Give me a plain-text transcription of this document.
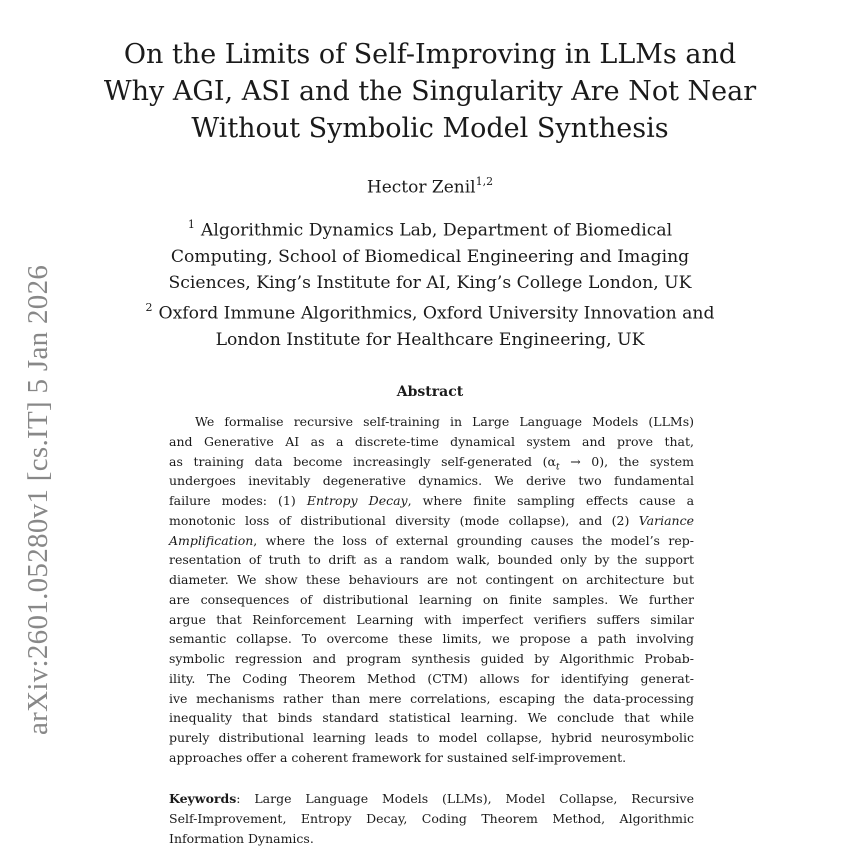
arXiv:2601.05280v1 [cs.IT] 5 Jan 2026
On the Limits of Self-Improving in LLMs and
Why AGI, ASI and the Singularity Are Not Near
Without Symbolic Model Synthesis
Hector Zenil$^{1,2}$
$^1$ Algorithmic Dynamics Lab, Department of Biomedical
Computing, School of Biomedical Engineering and Imaging
Sciences, King’s Institute for AI, King’s College London, UK
$^2$ Oxford Immune Algorithmics, Oxford University Innovation and
London Institute for Healthcare Engineering, UK
Abstract
We formalise recursive self-training in Large Language Models (LLMs)
and Generative AI as a discrete-time dynamical system and prove that,
as training data become increasingly self-generated $(\alpha_t \to 0)$, the system
undergoes inevitably degenerative dynamics. We derive two fundamental
failure modes: (1) Entropy Decay, where finite sampling effects cause a
monotonic loss of distributional diversity (mode collapse), and (2) Variance
Amplification, where the loss of external grounding causes the model’s rep-
resentation of truth to drift as a random walk, bounded only by the support
diameter. We show these behaviours are not contingent on architecture but
are consequences of distributional learning on finite samples. We further
argue that Reinforcement Learning with imperfect verifiers suffers similar
semantic collapse. To overcome these limits, we propose a path involving
symbolic regression and program synthesis guided by Algorithmic Probab-
ility. The Coding Theorem Method (CTM) allows for identifying generat-
ive mechanisms rather than mere correlations, escaping the data-processing
inequality that binds standard statistical learning. We conclude that while
purely distributional learning leads to model collapse, hybrid neurosymbolic
approaches offer a coherent framework for sustained self-improvement.
Keywords: Large Language Models (LLMs), Model Collapse, Recursive
Self-Improvement, Entropy Decay, Coding Theorem Method, Algorithmic
Information Dynamics.
